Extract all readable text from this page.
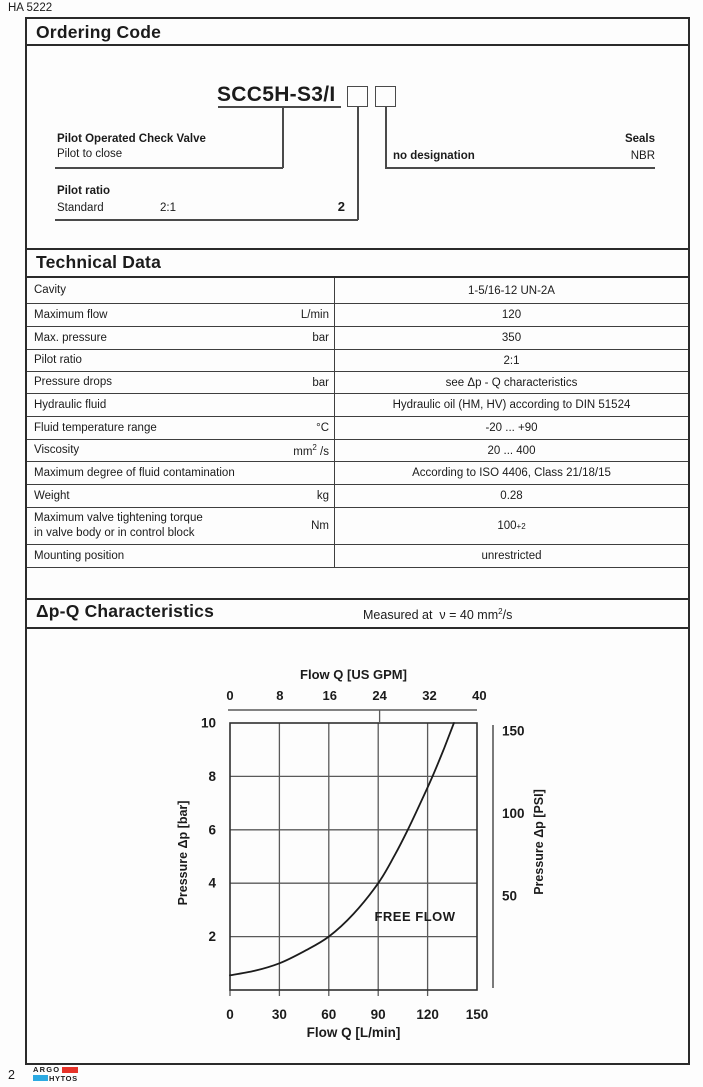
HA 5222
Ordering Code
Technical Data
Δp-Q Characteristics	Measured at  ν = 40 $mm^2/s$
SCC5H-S3/I
Pilot Operated Check Valve
Pilot to close
Pilot ratio
Standard	2:1	2
Seals
no designation	NBR
Cavity	1-5/16-12 UN-2A
Maximum flow	L/min	120
Max. pressure	bar	350
Pilot ratio	2:1
Pressure drops	bar	see Δp - Q characteristics
Hydraulic fluid	Hydraulic oil (HM, HV) according to DIN 51524
Fluid temperature range	°C	-20 ... +90
Viscosity	$mm^2$ /s	20 ... 400
Maximum degree of fluid contamination	According to ISO 4406, Class 21/18/15
Weight	kg	0.28
Maximum valve tightening torque
in valve body or in control block
Nm	100 +2
Mounting position	unrestricted
0	8	16	24	32	40
Flow Q [US GPM]
2
4
6
8
10
Pressure Δp [bar]	50
100
150
Pressure Δp [PSI]
0	30	60	90 120 150
Flow Q [L/min]
FREE FLOW
2 ARGO
HYTOS
